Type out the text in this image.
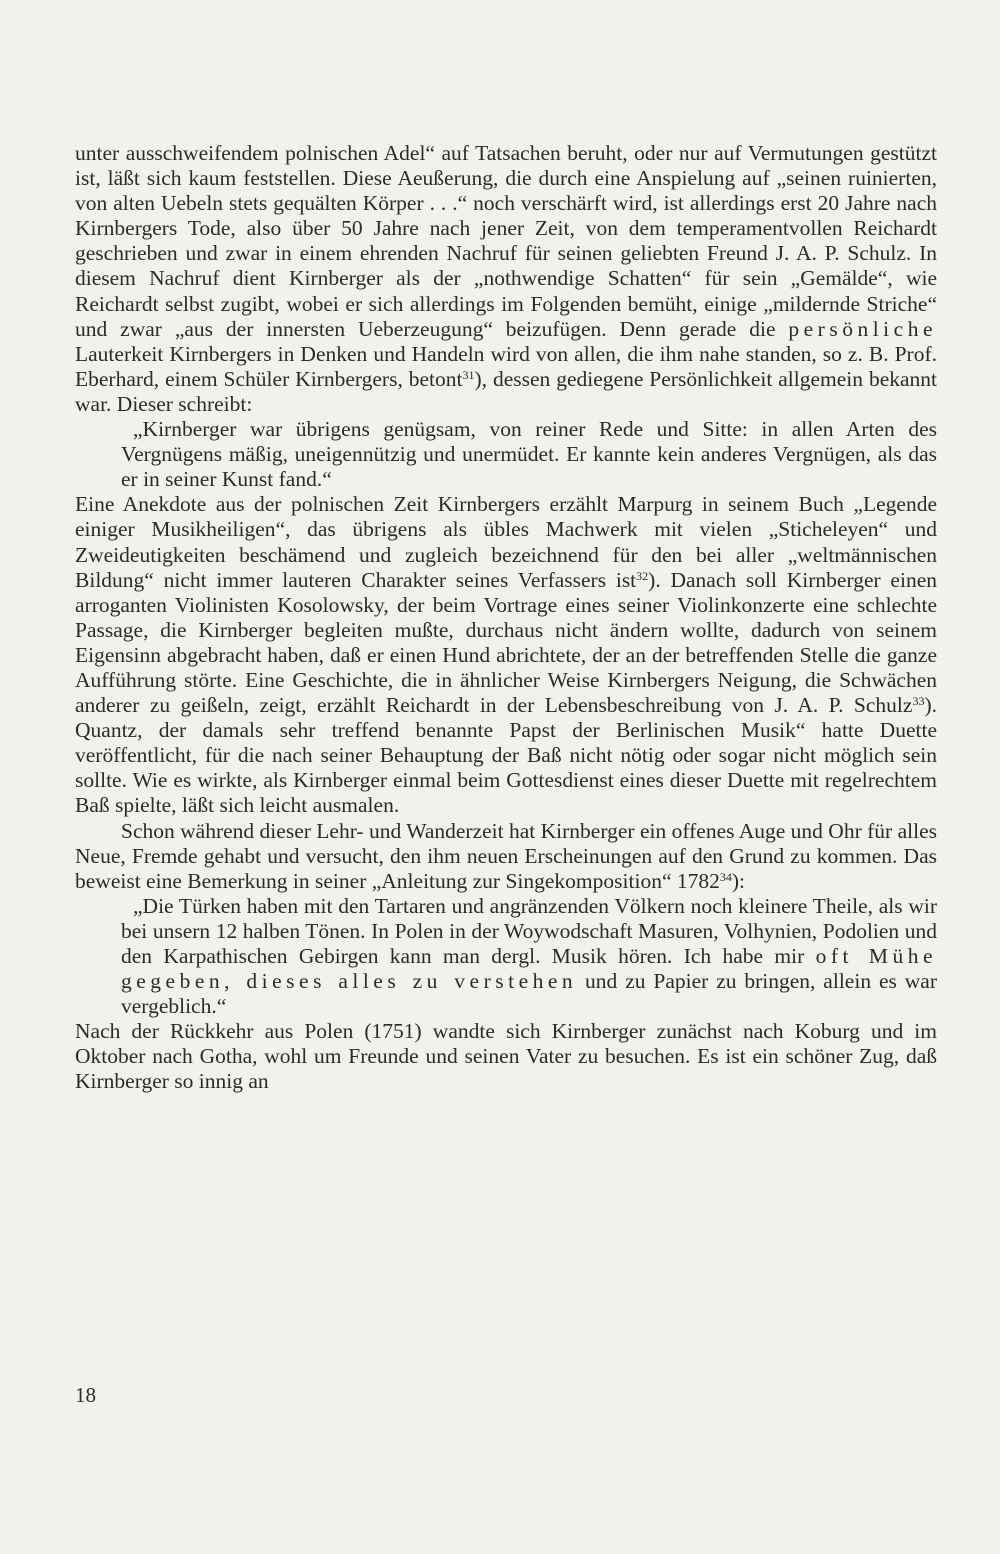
unter ausschweifendem polnischen Adel“ auf Tatsachen beruht, oder nur auf Vermutungen gestützt ist, läßt sich kaum feststellen. Diese Aeußerung, die durch eine Anspielung auf „seinen ruinierten, von alten Uebeln stets gequälten Körper . . .“ noch verschärft wird, ist allerdings erst 20 Jahre nach Kirnbergers Tode, also über 50 Jahre nach jener Zeit, von dem temperamentvollen Reichardt geschrieben und zwar in einem ehrenden Nachruf für seinen geliebten Freund J. A. P. Schulz. In diesem Nachruf dient Kirnberger als der „nothwendige Schatten“ für sein „Gemälde“, wie Reichardt selbst zugibt, wobei er sich allerdings im Folgenden bemüht, einige „mildernde Striche“ und zwar „aus der innersten Ueberzeugung“ beizufügen. Denn gerade die persönliche Lauterkeit Kirnbergers in Denken und Handeln wird von allen, die ihm nahe standen, so z. B. Prof. Eberhard, einem Schüler Kirnbergers, betont$^{31}$), dessen gediegene Persönlichkeit allgemein bekannt war. Dieser schreibt:

„Kirnberger war übrigens genügsam, von reiner Rede und Sitte: in allen Arten des Vergnügens mäßig, uneigennützig und unermüdet. Er kannte kein anderes Vergnügen, als das er in seiner Kunst fand.“

Eine Anekdote aus der polnischen Zeit Kirnbergers erzählt Marpurg in seinem Buch „Legende einiger Musikheiligen“, das übrigens als übles Machwerk mit vielen „Sticheleyen“ und Zweideutigkeiten beschämend und zugleich bezeichnend für den bei aller „weltmännischen Bildung“ nicht immer lauteren Charakter seines Verfassers ist$^{32}$). Danach soll Kirnberger einen arroganten Violinisten Kosolowsky, der beim Vortrage eines seiner Violinkonzerte eine schlechte Passage, die Kirnberger begleiten mußte, durchaus nicht ändern wollte, dadurch von seinem Eigensinn abgebracht haben, daß er einen Hund abrichtete, der an der betreffenden Stelle die ganze Aufführung störte. Eine Geschichte, die in ähnlicher Weise Kirnbergers Neigung, die Schwächen anderer zu geißeln, zeigt, erzählt Reichardt in der Lebensbeschreibung von J. A. P. Schulz$^{33}$). Quantz, der damals sehr treffend benannte Papst der Berlinischen Musik“ hatte Duette veröffentlicht, für die nach seiner Behauptung der Baß nicht nötig oder sogar nicht möglich sein sollte. Wie es wirkte, als Kirnberger einmal beim Gottesdienst eines dieser Duette mit regelrechtem Baß spielte, läßt sich leicht ausmalen.

Schon während dieser Lehr- und Wanderzeit hat Kirnberger ein offenes Auge und Ohr für alles Neue, Fremde gehabt und versucht, den ihm neuen Erscheinungen auf den Grund zu kommen. Das beweist eine Bemerkung in seiner „Anleitung zur Singekomposition“ 1782$^{34}$):

„Die Türken haben mit den Tartaren und angränzenden Völkern noch kleinere Theile, als wir bei unsern 12 halben Tönen. In Polen in der Woywodschaft Masuren, Volhynien, Podolien und den Karpathischen Gebirgen kann man dergl. Musik hören. Ich habe mir oft Mühe gegeben, dieses alles zu verstehen und zu Papier zu bringen, allein es war vergeblich.“

Nach der Rückkehr aus Polen (1751) wandte sich Kirnberger zunächst nach Koburg und im Oktober nach Gotha, wohl um Freunde und seinen Vater zu besuchen. Es ist ein schöner Zug, daß Kirnberger so innig an

18
